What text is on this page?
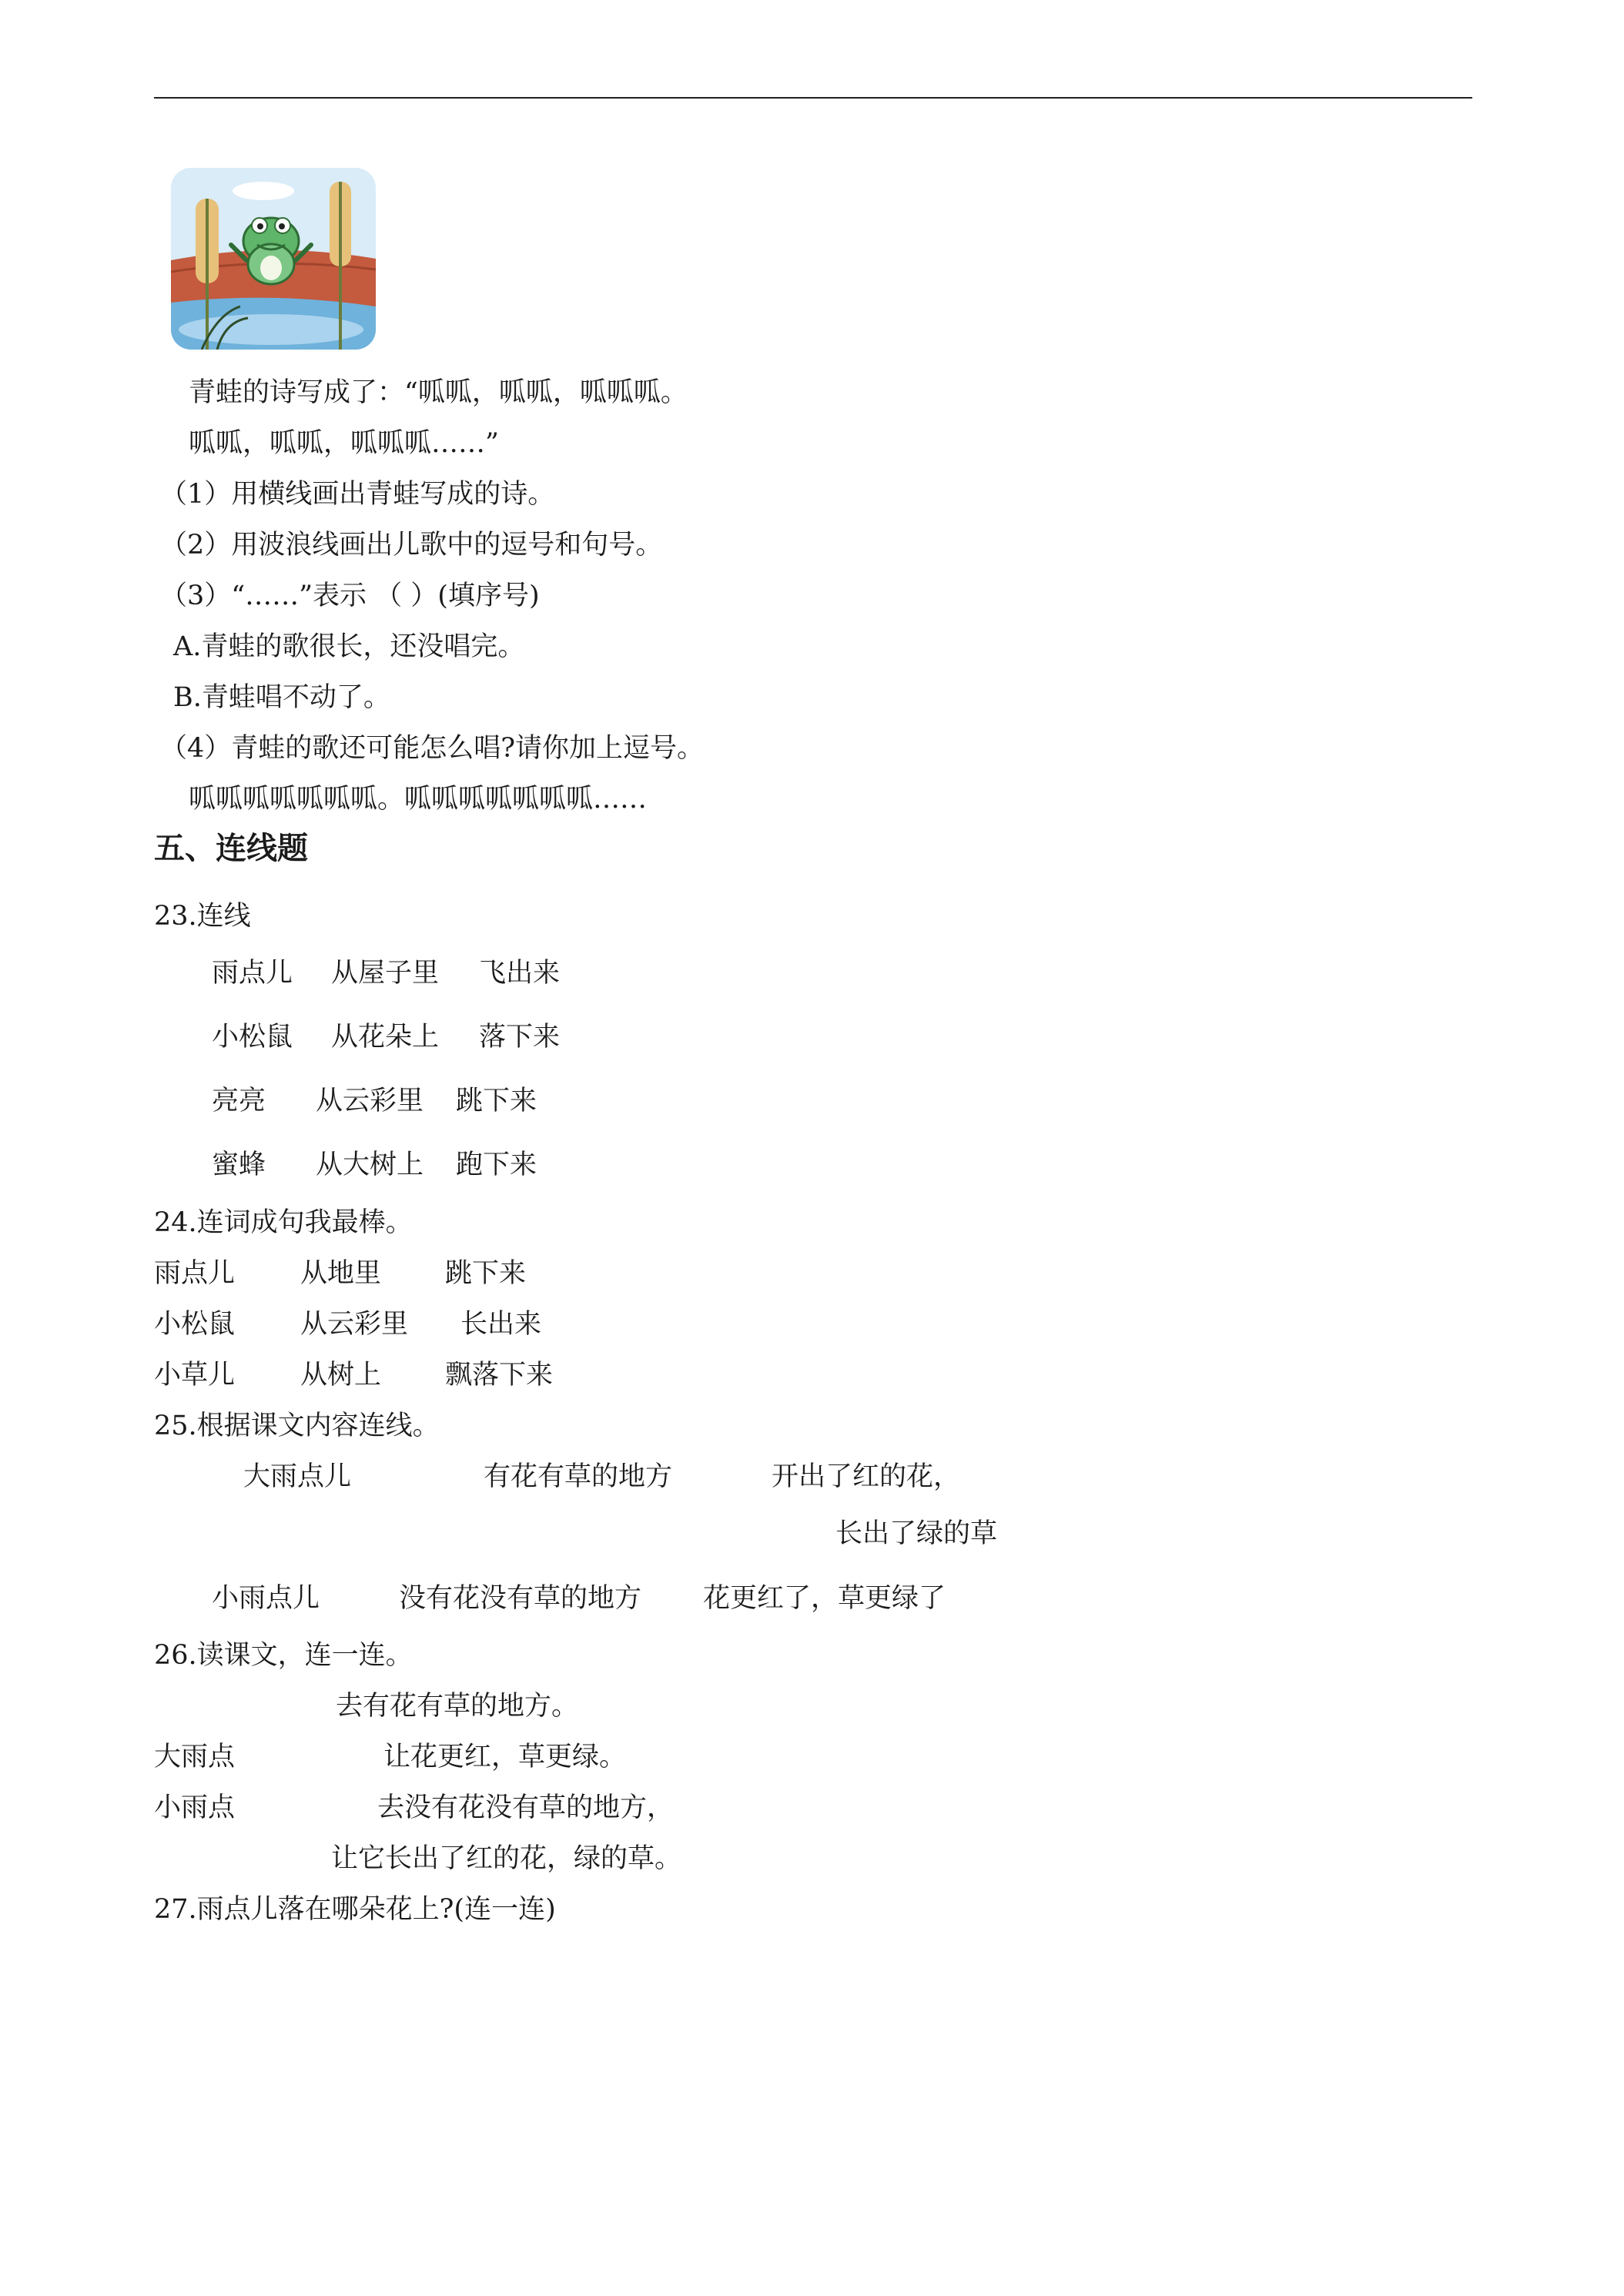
青蛙的诗写成了：“呱呱，呱呱，呱呱呱。
呱呱，呱呱，呱呱呱……”
（1）用横线画出青蛙写成的诗。
（2）用波浪线画出儿歌中的逗号和句号。
（3）“……”表示 （ ）(填序号)
A.青蛙的歌很长，还没唱完。
B.青蛙唱不动了。
（4）青蛙的歌还可能怎么唱?请你加上逗号。
呱呱呱呱呱呱呱。呱呱呱呱呱呱呱……
五、连线题
23.连线
雨点儿 从屋子里 飞出来
小松鼠 从花朵上 落下来
亮亮 从云彩里 跳下来
蜜蜂 从大树上 跑下来
24.连词成句我最棒。
雨点儿 从地里 跳下来
小松鼠 从云彩里 长出来
小草儿 从树上 飘落下来
25.根据课文内容连线。
大雨点儿	有花有草的地方	开出了红的花，
长出了绿的草
小雨点儿	没有花没有草的地方 花更红了，草更绿了
26.读课文，连一连。
去有花有草的地方。
大雨点	让花更红，草更绿。
小雨点	去没有花没有草的地方，
让它长出了红的花，绿的草。
27.雨点儿落在哪朵花上?(连一连)
